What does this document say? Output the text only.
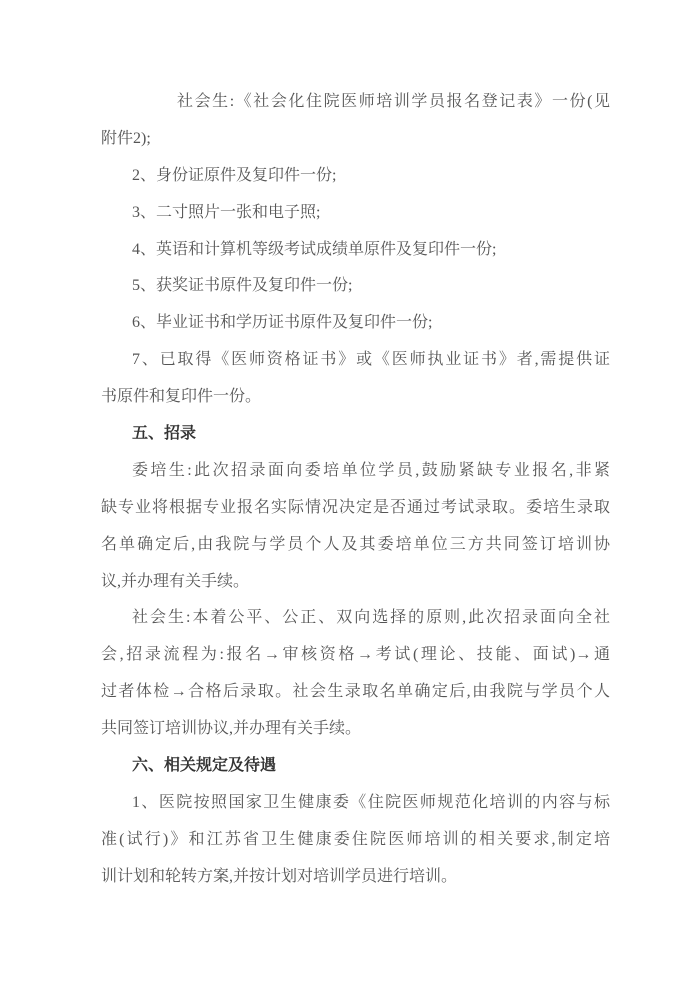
社会生:《社会化住院医师培训学员报名登记表》一份(见
附件2);
2、身份证原件及复印件一份;
3、二寸照片一张和电子照;
4、英语和计算机等级考试成绩单原件及复印件一份;
5、获奖证书原件及复印件一份;
6、毕业证书和学历证书原件及复印件一份;
7、已取得《医师资格证书》或《医师执业证书》者,需提供证
书原件和复印件一份。
五、招录
委培生:此次招录面向委培单位学员,鼓励紧缺专业报名,非紧
缺专业将根据专业报名实际情况决定是否通过考试录取。委培生录取
名单确定后,由我院与学员个人及其委培单位三方共同签订培训协
议,并办理有关手续。
社会生:本着公平、公正、双向选择的原则,此次招录面向全社
会,招录流程为:报名→审核资格→考试(理论、技能、面试)→通
过者体检→合格后录取。社会生录取名单确定后,由我院与学员个人
共同签订培训协议,并办理有关手续。
六、相关规定及待遇
1、医院按照国家卫生健康委《住院医师规范化培训的内容与标
准(试行)》和江苏省卫生健康委住院医师培训的相关要求,制定培
训计划和轮转方案,并按计划对培训学员进行培训。
